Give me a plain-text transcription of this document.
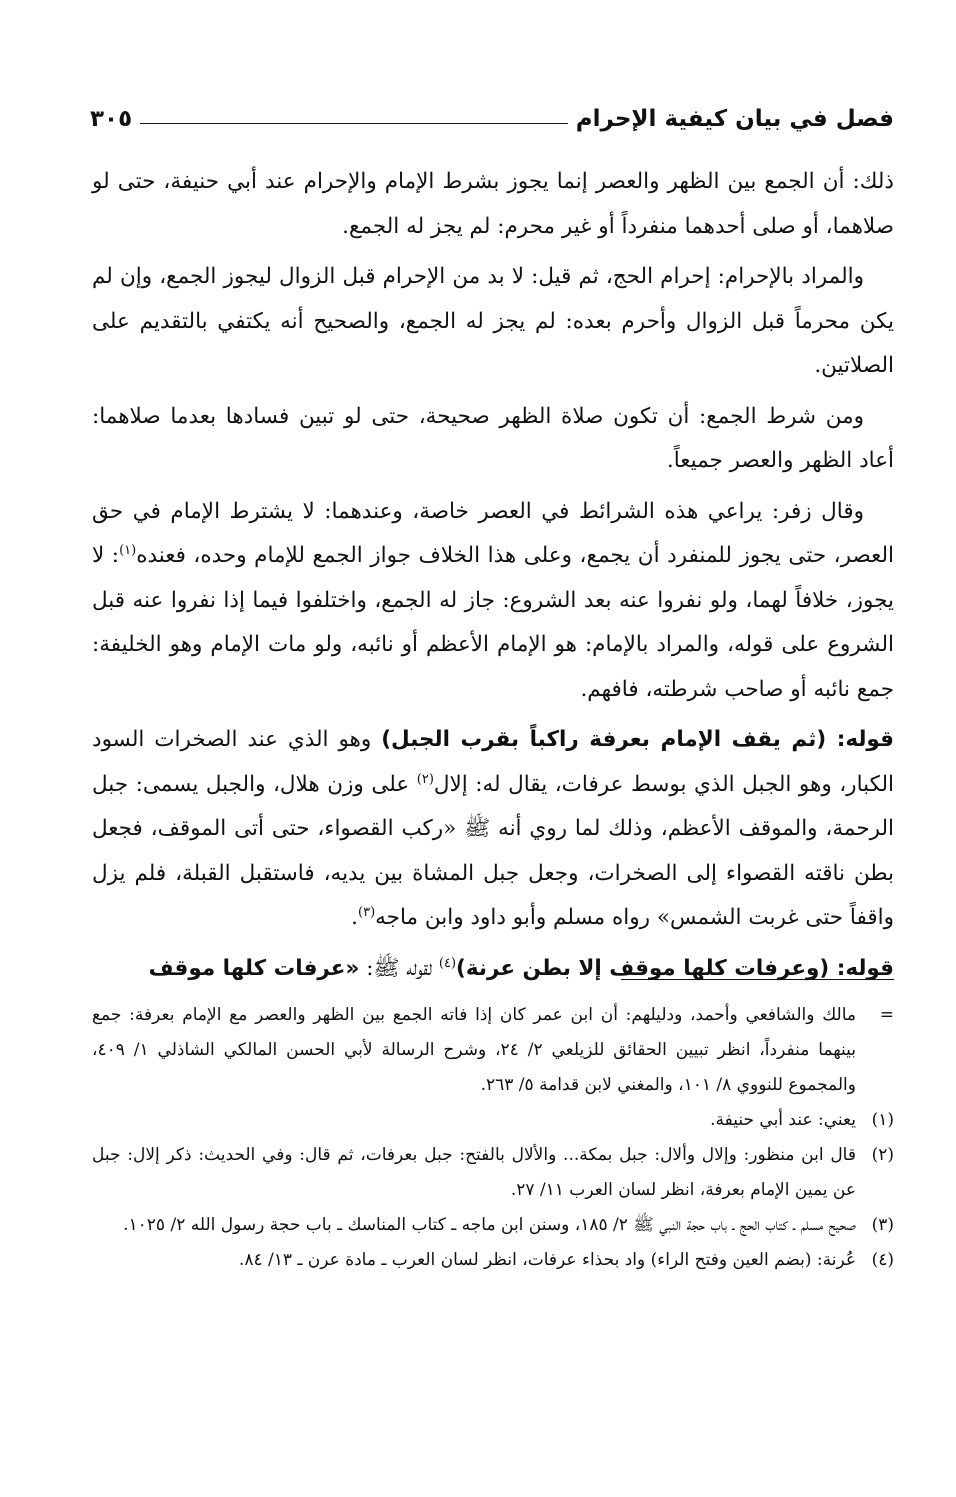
فصل في بيان كيفية الإحرام
٣٠٥

ذلك: أن الجمع بين الظهر والعصر إنما يجوز بشرط الإمام والإحرام عند أبي حنيفة، حتى لو صلاهما، أو صلى أحدهما منفرداً أو غير محرم: لم يجز له الجمع.

والمراد بالإحرام: إحرام الحج، ثم قيل: لا بد من الإحرام قبل الزوال ليجوز الجمع، وإن لم يكن محرماً قبل الزوال وأحرم بعده: لم يجز له الجمع، والصحيح أنه يكتفي بالتقديم على الصلاتين.

ومن شرط الجمع: أن تكون صلاة الظهر صحيحة، حتى لو تبين فسادها بعدما صلاهما: أعاد الظهر والعصر جميعاً.

وقال زفر: يراعي هذه الشرائط في العصر خاصة، وعندهما: لا يشترط الإمام في حق العصر، حتى يجوز للمنفرد أن يجمع، وعلى هذا الخلاف جواز الجمع للإمام وحده، فعنده$^{(١)}$: لا يجوز، خلافاً لهما، ولو نفروا عنه بعد الشروع: جاز له الجمع، واختلفوا فيما إذا نفروا عنه قبل الشروع على قوله، والمراد بالإمام: هو الإمام الأعظم أو نائبه، ولو مات الإمام وهو الخليفة: جمع نائبه أو صاحب شرطته، فافهم.

قوله: (ثم يقف الإمام بعرفة راكباً بقرب الجبل) وهو الذي عند الصخرات السود الكبار، وهو الجبل الذي بوسط عرفات، يقال له: إلال$^{(٢)}$ على وزن هلال، والجبل يسمى: جبل الرحمة، والموقف الأعظم، وذلك لما روي أنه ﷺ «ركب القصواء، حتى أتى الموقف، فجعل بطن ناقته القصواء إلى الصخرات، وجعل جبل المشاة بين يديه، فاستقبل القبلة، فلم يزل واقفاً حتى غربت الشمس» رواه مسلم وأبو داود وابن ماجه$^{(٣)}$.

قوله: (وعرفات كلها موقف إلا بطن عرنة)$^{(٤)}$ لقوله ﷺ: «عرفات كلها موقف

=
مالك والشافعي وأحمد، ودليلهم: أن ابن عمر كان إذا فاته الجمع بين الظهر والعصر مع الإمام بعرفة: جمع بينهما منفرداً، انظر تبيين الحقائق للزيلعي ٢/ ٢٤، وشرح الرسالة لأبي الحسن المالكي الشاذلي ١/ ٤٠٩، والمجموع للنووي ٨/ ١٠١، والمغني لابن قدامة ٥/ ٢٦٣.
(١)
يعني: عند أبي حنيفة.
(٢)
قال ابن منظور: وإلال وألال: جبل بمكة... والألال بالفتح: جبل بعرفات، ثم قال: وفي الحديث: ذكر إلال: جبل عن يمين الإمام بعرفة، انظر لسان العرب ١١/ ٢٧.
(٣)
صحيح مسلم ـ كتاب الحج ـ باب حجة النبي ﷺ ٢/ ١٨٥، وسنن ابن ماجه ـ كتاب المناسك ـ باب حجة رسول الله ٢/ ١٠٢٥.
(٤)
عُرنة: (بضم العين وفتح الراء) واد بحذاء عرفات، انظر لسان العرب ـ مادة عرن ـ ١٣/ ٨٤.
